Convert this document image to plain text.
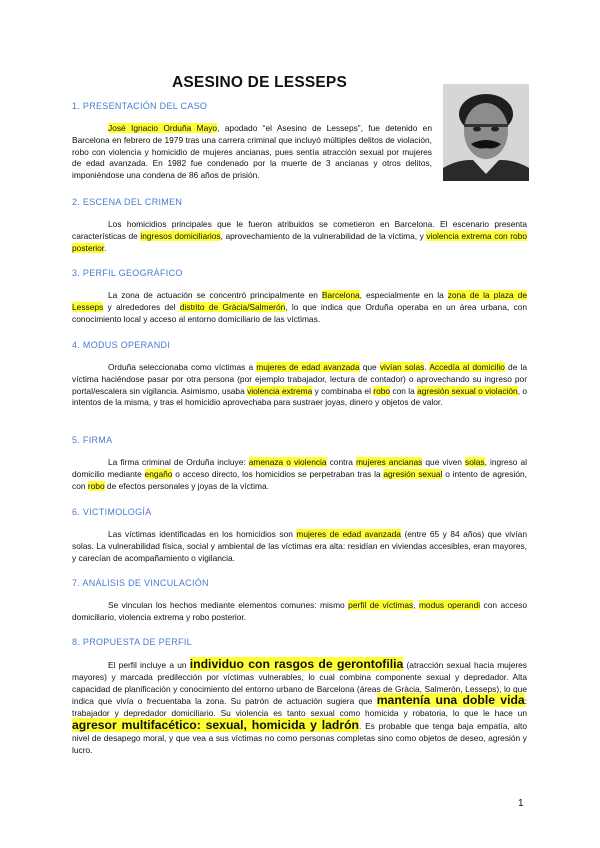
ASESINO DE LESSEPS
1. PRESENTACIÓN DEL CASO
José Ignacio Orduña Mayo, apodado “el Asesino de Lesseps”, fue detenido en Barcelona en febrero de 1979 tras una carrera criminal que incluyó múltiples delitos de violación, robo con violencia y homicidio de mujeres ancianas, pues sentía atracción sexual por mujeres de edad avanzada. En 1982 fue condenado por la muerte de 3 ancianas y otros delitos, imponiéndose una condena de 86 años de prisión.
2. ESCENA DEL CRIMEN
Los homicidios principales que le fueron atribuidos se cometieron en Barcelona. El escenario presenta características de ingresos domiciliarios, aprovechamiento de la vulnerabilidad de la víctima, y violencia extrema con robo posterior.
3. PERFIL GEOGRÁFICO
La zona de actuación se concentró principalmente en Barcelona, especialmente en la zona de la plaza de Lesseps y alrededores del distrito de Gràcia/Salmerón, lo que indica que Orduña operaba en un área urbana, con conocimiento local y acceso al entorno domiciliario de las víctimas.
4. MODUS OPERANDI
Orduña seleccionaba como víctimas a mujeres de edad avanzada que vivían solas. Accedía al domicilio de la víctima haciéndose pasar por otra persona (por ejemplo trabajador, lectura de contador) o aprovechando su ingreso por portal/escalera sin vigilancia. Asimismo, usaba violencia extrema y combinaba el robo con la agresión sexual o violación, o intentos de la misma, y tras el homicidio aprovechaba para sustraer joyas, dinero y objetos de valor.
5. FIRMA
La firma criminal de Orduña incluye: amenaza o violencia contra mujeres ancianas que viven solas, ingreso al domicilio mediante engaño o acceso directo, los homicidios se perpetraban tras la agresión sexual o intento de agresión, con robo de efectos personales y joyas de la víctima.
6. VICTIMOLOGÍA
Las víctimas identificadas en los homicidios son mujeres de edad avanzada (entre 65 y 84 años) que vivían solas. La vulnerabilidad física, social y ambiental de las víctimas era alta: residían en viviendas accesibles, eran mayores, y carecían de acompañamiento o vigilancia.
7. ANÁLISIS DE VINCULACIÓN
Se vinculan los hechos mediante elementos comunes: mismo perfil de víctimas, modus operandi con acceso domiciliario, violencia extrema y robo posterior.
8. PROPUESTA DE PERFIL
El perfil incluye a un individuo con rasgos de gerontofilia (atracción sexual hacia mujeres mayores) y marcada predilección por víctimas vulnerables, lo cual combina componente sexual y depredador. Alta capacidad de planificación y conocimiento del entorno urbano de Barcelona (áreas de Gràcia, Salmerón, Lesseps), lo que indica que vivía o frecuentaba la zona. Su patrón de actuación sugiera que mantenía una doble vida: trabajador y depredador domiciliario. Su violencia es tanto sexual como homicida y robatoria, lo que le hace un agresor multifacético: sexual, homicida y ladrón. Es probable que tenga baja empatía, alto nivel de desapego moral, y que vea a sus víctimas no como personas completas sino como objetos de deseo, agresión y lucro.
1
